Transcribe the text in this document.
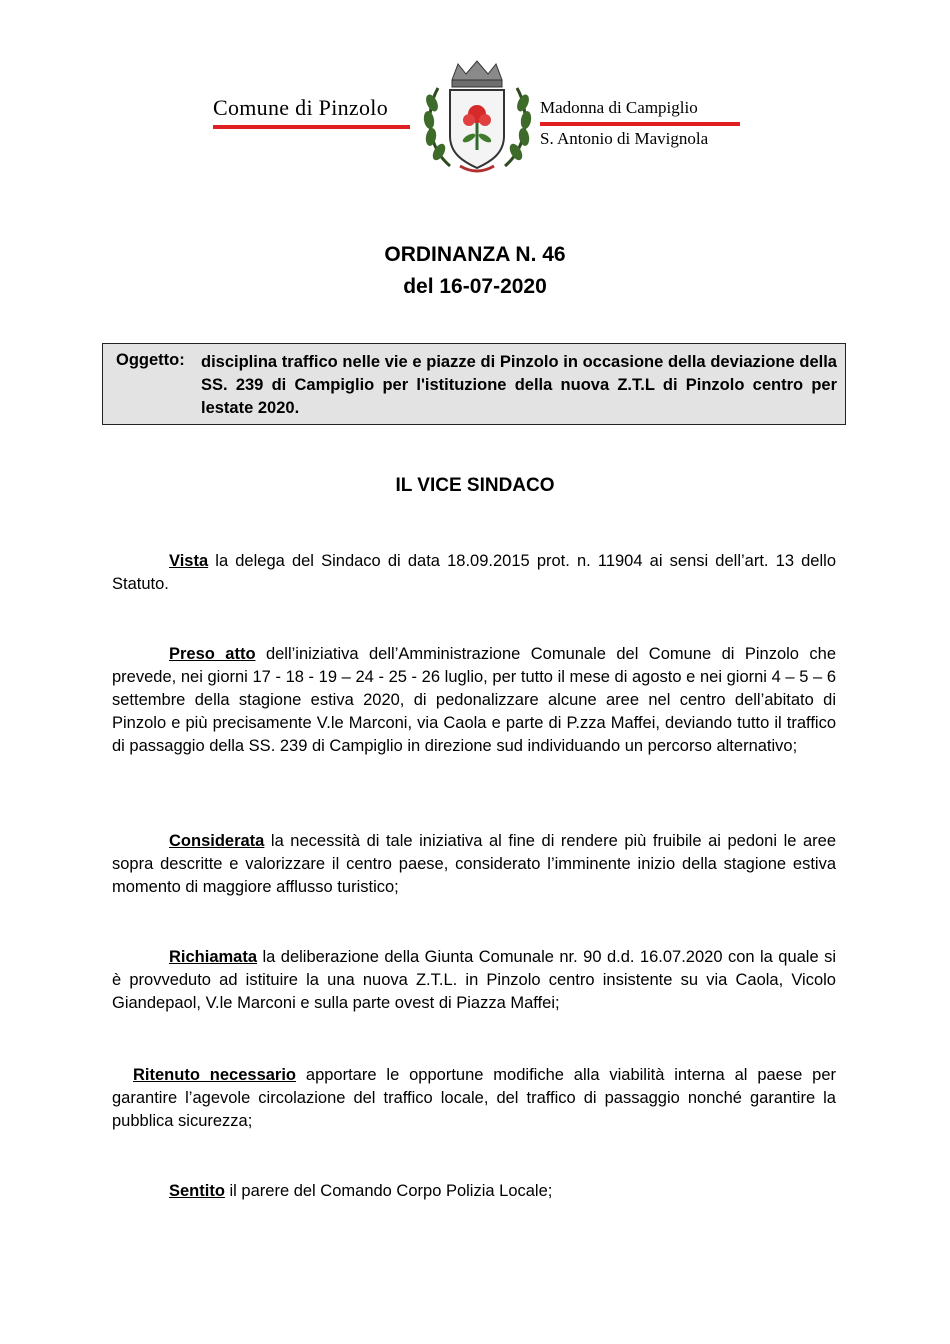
Comune di Pinzolo	Madonna di Campiglio
S. Antonio di Mavignola
ORDINANZA N. 46
del 16-07-2020
Oggetto: disciplina traffico nelle vie e piazze di Pinzolo in occasione della deviazione della SS. 239 di Campiglio per l'istituzione della nuova Z.T.L di Pinzolo centro per lestate 2020.
IL VICE SINDACO
Vista la delega del Sindaco di data 18.09.2015 prot. n. 11904 ai sensi dell’art. 13 dello Statuto.
Preso atto dell’iniziativa dell’Amministrazione Comunale del Comune di Pinzolo che prevede, nei giorni 17 - 18 - 19 – 24 - 25 - 26 luglio, per tutto il mese di agosto e nei giorni 4 – 5 – 6 settembre della stagione estiva 2020, di pedonalizzare alcune aree nel centro dell’abitato di Pinzolo e più precisamente V.le Marconi, via Caola e parte di P.zza Maffei, deviando tutto il traffico di passaggio della SS. 239 di Campiglio in direzione sud individuando un percorso alternativo;
Considerata la necessità di tale iniziativa al fine di rendere più fruibile ai pedoni le aree sopra descritte e valorizzare il centro paese, considerato l’imminente inizio della stagione estiva momento di maggiore afflusso turistico;
Richiamata la deliberazione della Giunta Comunale nr. 90 d.d. 16.07.2020 con la quale si è provveduto ad istituire la una nuova Z.T.L. in Pinzolo centro insistente su via Caola, Vicolo Giandepaol, V.le Marconi e sulla parte ovest di Piazza Maffei;
Ritenuto necessario apportare le opportune modifiche alla viabilità interna al paese per garantire l’agevole circolazione del traffico locale, del traffico di passaggio nonché garantire la pubblica sicurezza;
Sentito il parere del Comando Corpo Polizia Locale;
